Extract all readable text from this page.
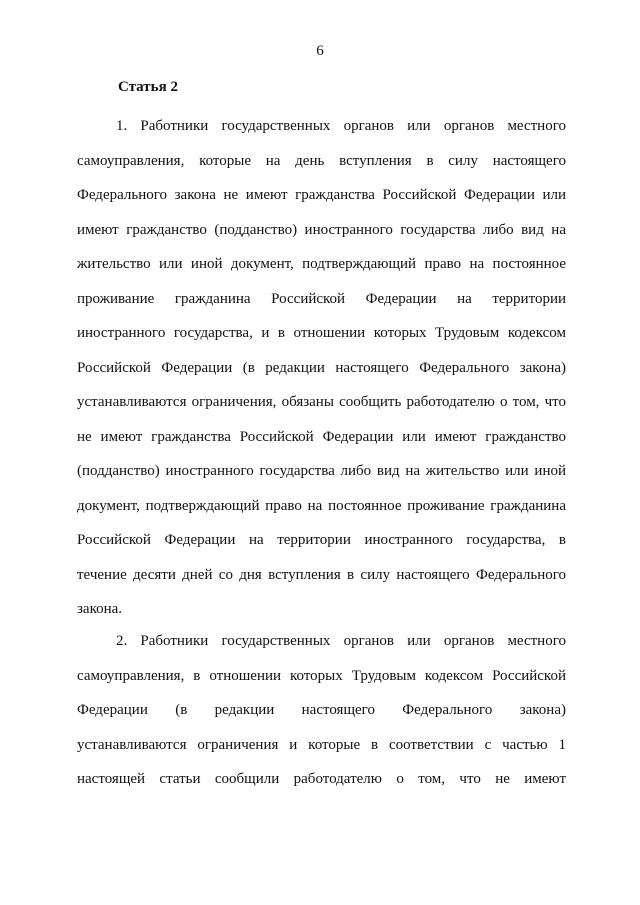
6
Статья 2
1. Работники государственных органов или органов местного
самоуправления, которые на день вступления в силу настоящего
Федерального закона не имеют гражданства Российской Федерации или
имеют гражданство (подданство) иностранного государства либо вид на
жительство или иной документ, подтверждающий право на постоянное
проживание гражданина Российской Федерации на территории
иностранного государства, и в отношении которых Трудовым кодексом
Российской Федерации (в редакции настоящего Федерального закона)
устанавливаются ограничения, обязаны сообщить работодателю о том, что
не имеют гражданства Российской Федерации или имеют гражданство
(подданство) иностранного государства либо вид на жительство или иной
документ, подтверждающий право на постоянное проживание гражданина
Российской Федерации на территории иностранного государства, в
течение десяти дней со дня вступления в силу настоящего Федерального
закона.
2. Работники государственных органов или органов местного
самоуправления, в отношении которых Трудовым кодексом Российской
Федерации (в редакции настоящего Федерального закона)
устанавливаются ограничения и которые в соответствии с частью 1
настоящей статьи сообщили работодателю о том, что не имеют
